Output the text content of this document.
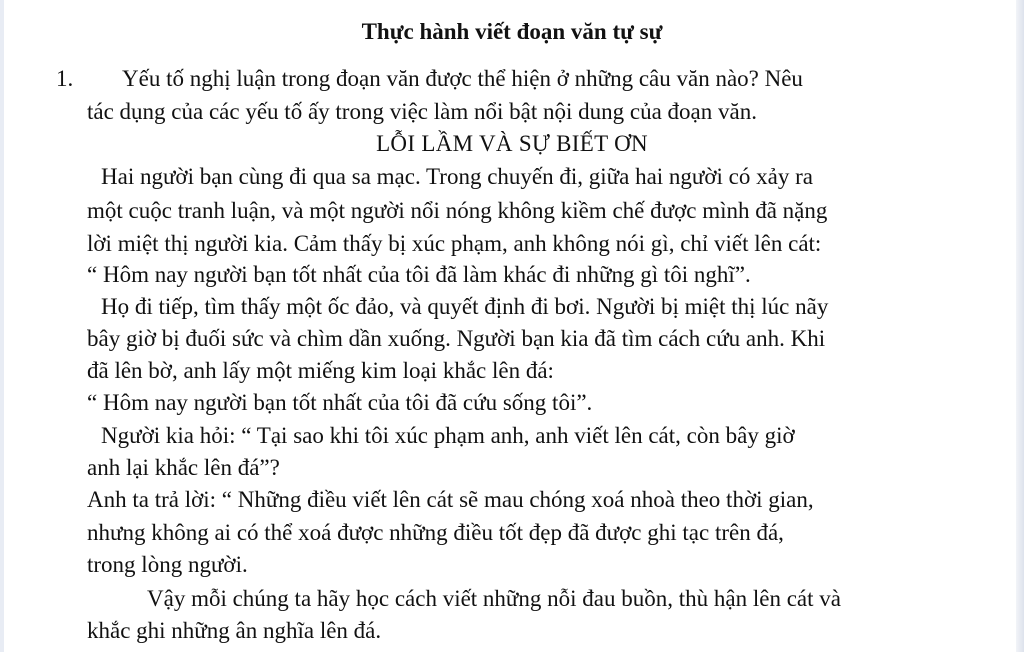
Thực hành viết đoạn văn tự sự
1. Yếu tố nghị luận trong đoạn văn được thể hiện ở những câu văn nào? Nêu
tác dụng của các yếu tố ấy trong việc làm nổi bật nội dung của đoạn văn.
LỖI LẦM VÀ SỰ BIẾT ƠN
Hai người bạn cùng đi qua sa mạc. Trong chuyến đi, giữa hai người có xảy ra
một cuộc tranh luận, và một người nổi nóng không kiềm chế được mình đã nặng
lời miệt thị người kia. Cảm thấy bị xúc phạm, anh không nói gì, chỉ viết lên cát:
“ Hôm nay người bạn tốt nhất của tôi đã làm khác đi những gì tôi nghĩ”.
Họ đi tiếp, tìm thấy một ốc đảo, và quyết định đi bơi. Người bị miệt thị lúc nãy
bây giờ bị đuối sức và chìm dần xuống. Người bạn kia đã tìm cách cứu anh. Khi
đã lên bờ, anh lấy một miếng kim loại khắc lên đá:
“ Hôm nay người bạn tốt nhất của tôi đã cứu sống tôi”.
Người kia hỏi: “ Tại sao khi tôi xúc phạm anh, anh viết lên cát, còn bây giờ
anh lại khắc lên đá”?
Anh ta trả lời: “ Những điều viết lên cát sẽ mau chóng xoá nhoà theo thời gian,
nhưng không ai có thể xoá được những điều tốt đẹp đã được ghi tạc trên đá,
trong lòng người.
Vậy mỗi chúng ta hãy học cách viết những nỗi đau buồn, thù hận lên cát và
khắc ghi những ân nghĩa lên đá.
